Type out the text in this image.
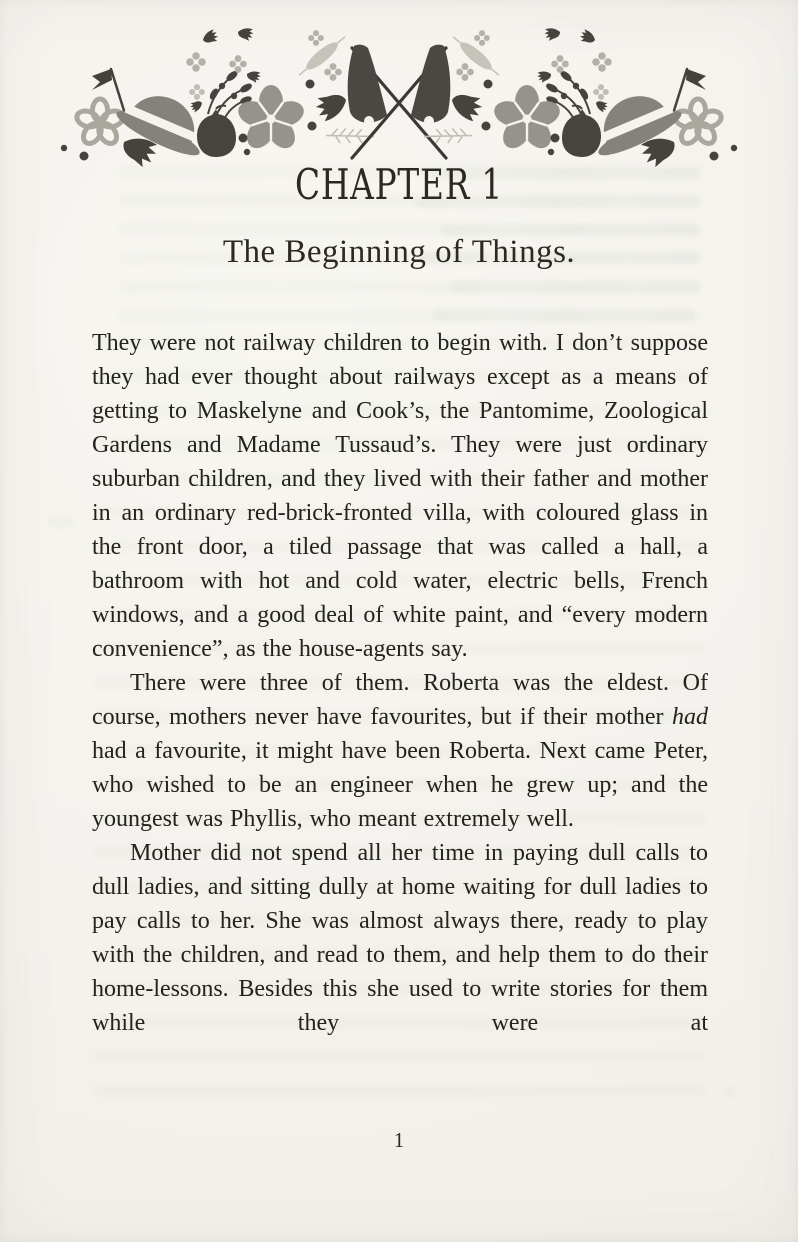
CHAPTER 1
The Beginning of Things.

They were not railway children to begin with. I don’t suppose they had ever thought about railways except as a means of getting to Maskelyne and Cook’s, the Pantomime, Zoological Gardens and Madame Tussaud’s. They were just ordinary suburban children, and they lived with their father and mother in an ordinary red-brick-fronted villa, with coloured glass in the front door, a tiled passage that was called a hall, a bathroom with hot and cold water, electric bells, French windows, and a good deal of white paint, and “every modern convenience”, as the house-agents say.

There were three of them. Roberta was the eldest. Of course, mothers never have favourites, but if their mother had had a favourite, it might have been Roberta. Next came Peter, who wished to be an engineer when he grew up; and the youngest was Phyllis, who meant extremely well.

Mother did not spend all her time in paying dull calls to dull ladies, and sitting dully at home waiting for dull ladies to pay calls to her. She was almost always there, ready to play with the children, and read to them, and help them to do their home-lessons. Besides this she used to write stories for them while they were at

1
